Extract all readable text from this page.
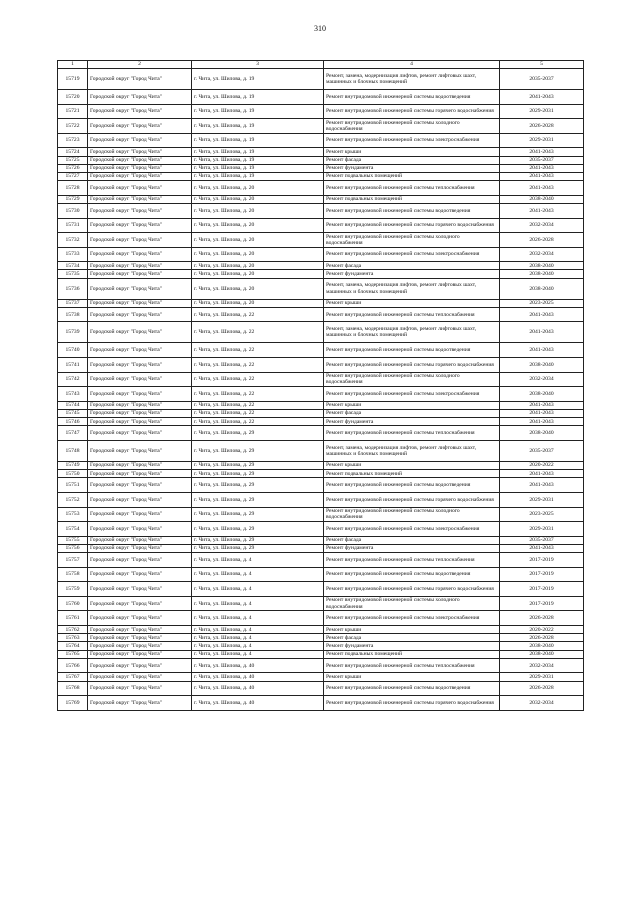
310
1	2	3	4	5
15719	Городской округ "Город Чита"	г. Чита, ул. Шилова, д. 19	Ремонт, замена, модернизация лифтов, ремонт лифтовых шахт, машинных и блочных помещений	2035-2037
15720	Городской округ "Город Чита"	г. Чита, ул. Шилова, д. 19	Ремонт внутридомовой инженерной системы водоотведения	2041-2043
15721	Городской округ "Город Чита"	г. Чита, ул. Шилова, д. 19	Ремонт внутридомовой инженерной системы горячего водоснабжения	2029-2031
15722	Городской округ "Город Чита"	г. Чита, ул. Шилова, д. 19	Ремонт внутридомовой инженерной системы холодного водоснабжения	2026-2028
15723	Городской округ "Город Чита"	г. Чита, ул. Шилова, д. 19	Ремонт внутридомовой инженерной системы электроснабжения	2029-2031
15724	Городской округ "Город Чита"	г. Чита, ул. Шилова, д. 19	Ремонт крыши	2041-2043
15725	Городской округ "Город Чита"	г. Чита, ул. Шилова, д. 19	Ремонт фасада	2035-2037
15726	Городской округ "Город Чита"	г. Чита, ул. Шилова, д. 19	Ремонт фундамента	2041-2043
15727	Городской округ "Город Чита"	г. Чита, ул. Шилова, д. 19	Ремонт подвальных помещений	2041-2043
15728	Городской округ "Город Чита"	г. Чита, ул. Шилова, д. 20	Ремонт внутридомовой инженерной системы теплоснабжения	2041-2043
15729	Городской округ "Город Чита"	г. Чита, ул. Шилова, д. 20	Ремонт подвальных помещений	2038-2040
15730	Городской округ "Город Чита"	г. Чита, ул. Шилова, д. 20	Ремонт внутридомовой инженерной системы водоотведения	2041-2043
15731	Городской округ "Город Чита"	г. Чита, ул. Шилова, д. 20	Ремонт внутридомовой инженерной системы горячего водоснабжения	2032-2034
15732	Городской округ "Город Чита"	г. Чита, ул. Шилова, д. 20	Ремонт внутридомовой инженерной системы холодного водоснабжения	2026-2028
15733	Городской округ "Город Чита"	г. Чита, ул. Шилова, д. 20	Ремонт внутридомовой инженерной системы электроснабжения	2032-2034
15734	Городской округ "Город Чита"	г. Чита, ул. Шилова, д. 20	Ремонт фасада	2038-2040
15735	Городской округ "Город Чита"	г. Чита, ул. Шилова, д. 20	Ремонт фундамента	2038-2040
15736	Городской округ "Город Чита"	г. Чита, ул. Шилова, д. 20	Ремонт, замена, модернизация лифтов, ремонт лифтовых шахт, машинных и блочных помещений	2038-2040
15737	Городской округ "Город Чита"	г. Чита, ул. Шилова, д. 20	Ремонт крыши	2023-2025
15738	Городской округ "Город Чита"	г. Чита, ул. Шилова, д. 22	Ремонт внутридомовой инженерной системы теплоснабжения	2041-2043
15739	Городской округ "Город Чита"	г. Чита, ул. Шилова, д. 22	Ремонт, замена, модернизация лифтов, ремонт лифтовых шахт, машинных и блочных помещений	2041-2043
15740	Городской округ "Город Чита"	г. Чита, ул. Шилова, д. 22	Ремонт внутридомовой инженерной системы водоотведения	2041-2043
15741	Городской округ "Город Чита"	г. Чита, ул. Шилова, д. 22	Ремонт внутридомовой инженерной системы горячего водоснабжения	2038-2040
15742	Городской округ "Город Чита"	г. Чита, ул. Шилова, д. 22	Ремонт внутридомовой инженерной системы холодного водоснабжения	2032-2034
15743	Городской округ "Город Чита"	г. Чита, ул. Шилова, д. 22	Ремонт внутридомовой инженерной системы электроснабжения	2038-2040
15744	Городской округ "Город Чита"	г. Чита, ул. Шилова, д. 22	Ремонт крыши	2041-2043
15745	Городской округ "Город Чита"	г. Чита, ул. Шилова, д. 22	Ремонт фасада	2041-2043
15746	Городской округ "Город Чита"	г. Чита, ул. Шилова, д. 22	Ремонт фундамента	2041-2043
15747	Городской округ "Город Чита"	г. Чита, ул. Шилова, д. 29	Ремонт внутридомовой инженерной системы теплоснабжения	2038-2040
15748	Городской округ "Город Чита"	г. Чита, ул. Шилова, д. 29	Ремонт, замена, модернизация лифтов, ремонт лифтовых шахт, машинных и блочных помещений	2035-2037
15749	Городской округ "Город Чита"	г. Чита, ул. Шилова, д. 29	Ремонт крыши	2020-2022
15750	Городской округ "Город Чита"	г. Чита, ул. Шилова, д. 29	Ремонт подвальных помещений	2041-2043
15751	Городской округ "Город Чита"	г. Чита, ул. Шилова, д. 29	Ремонт внутридомовой инженерной системы водоотведения	2041-2043
15752	Городской округ "Город Чита"	г. Чита, ул. Шилова, д. 29	Ремонт внутридомовой инженерной системы горячего водоснабжения	2029-2031
15753	Городской округ "Город Чита"	г. Чита, ул. Шилова, д. 29	Ремонт внутридомовой инженерной системы холодного водоснабжения	2023-2025
15754	Городской округ "Город Чита"	г. Чита, ул. Шилова, д. 29	Ремонт внутридомовой инженерной системы электроснабжения	2029-2031
15755	Городской округ "Город Чита"	г. Чита, ул. Шилова, д. 29	Ремонт фасада	2035-2037
15756	Городской округ "Город Чита"	г. Чита, ул. Шилова, д. 29	Ремонт фундамента	2041-2043
15757	Городской округ "Город Чита"	г. Чита, ул. Шилова, д. 4	Ремонт внутридомовой инженерной системы теплоснабжения	2017-2019
15758	Городской округ "Город Чита"	г. Чита, ул. Шилова, д. 4	Ремонт внутридомовой инженерной системы водоотведения	2017-2019
15759	Городской округ "Город Чита"	г. Чита, ул. Шилова, д. 4	Ремонт внутридомовой инженерной системы горячего водоснабжения	2017-2019
15760	Городской округ "Город Чита"	г. Чита, ул. Шилова, д. 4	Ремонт внутридомовой инженерной системы холодного водоснабжения	2017-2019
15761	Городской округ "Город Чита"	г. Чита, ул. Шилова, д. 4	Ремонт внутридомовой инженерной системы электроснабжения	2026-2028
15762	Городской округ "Город Чита"	г. Чита, ул. Шилова, д. 4	Ремонт крыши	2020-2022
15763	Городской округ "Город Чита"	г. Чита, ул. Шилова, д. 4	Ремонт фасада	2026-2028
15764	Городской округ "Город Чита"	г. Чита, ул. Шилова, д. 4	Ремонт фундамента	2038-2040
15765	Городской округ "Город Чита"	г. Чита, ул. Шилова, д. 4	Ремонт подвальных помещений	2038-2040
15766	Городской округ "Город Чита"	г. Чита, ул. Шилова, д. 40	Ремонт внутридомовой инженерной системы теплоснабжения	2032-2034
15767	Городской округ "Город Чита"	г. Чита, ул. Шилова, д. 40	Ремонт крыши	2029-2031
15768	Городской округ "Город Чита"	г. Чита, ул. Шилова, д. 40	Ремонт внутридомовой инженерной системы водоотведения	2026-2028
15769	Городской округ "Город Чита"	г. Чита, ул. Шилова, д. 40	Ремонт внутридомовой инженерной системы горячего водоснабжения	2032-2034
